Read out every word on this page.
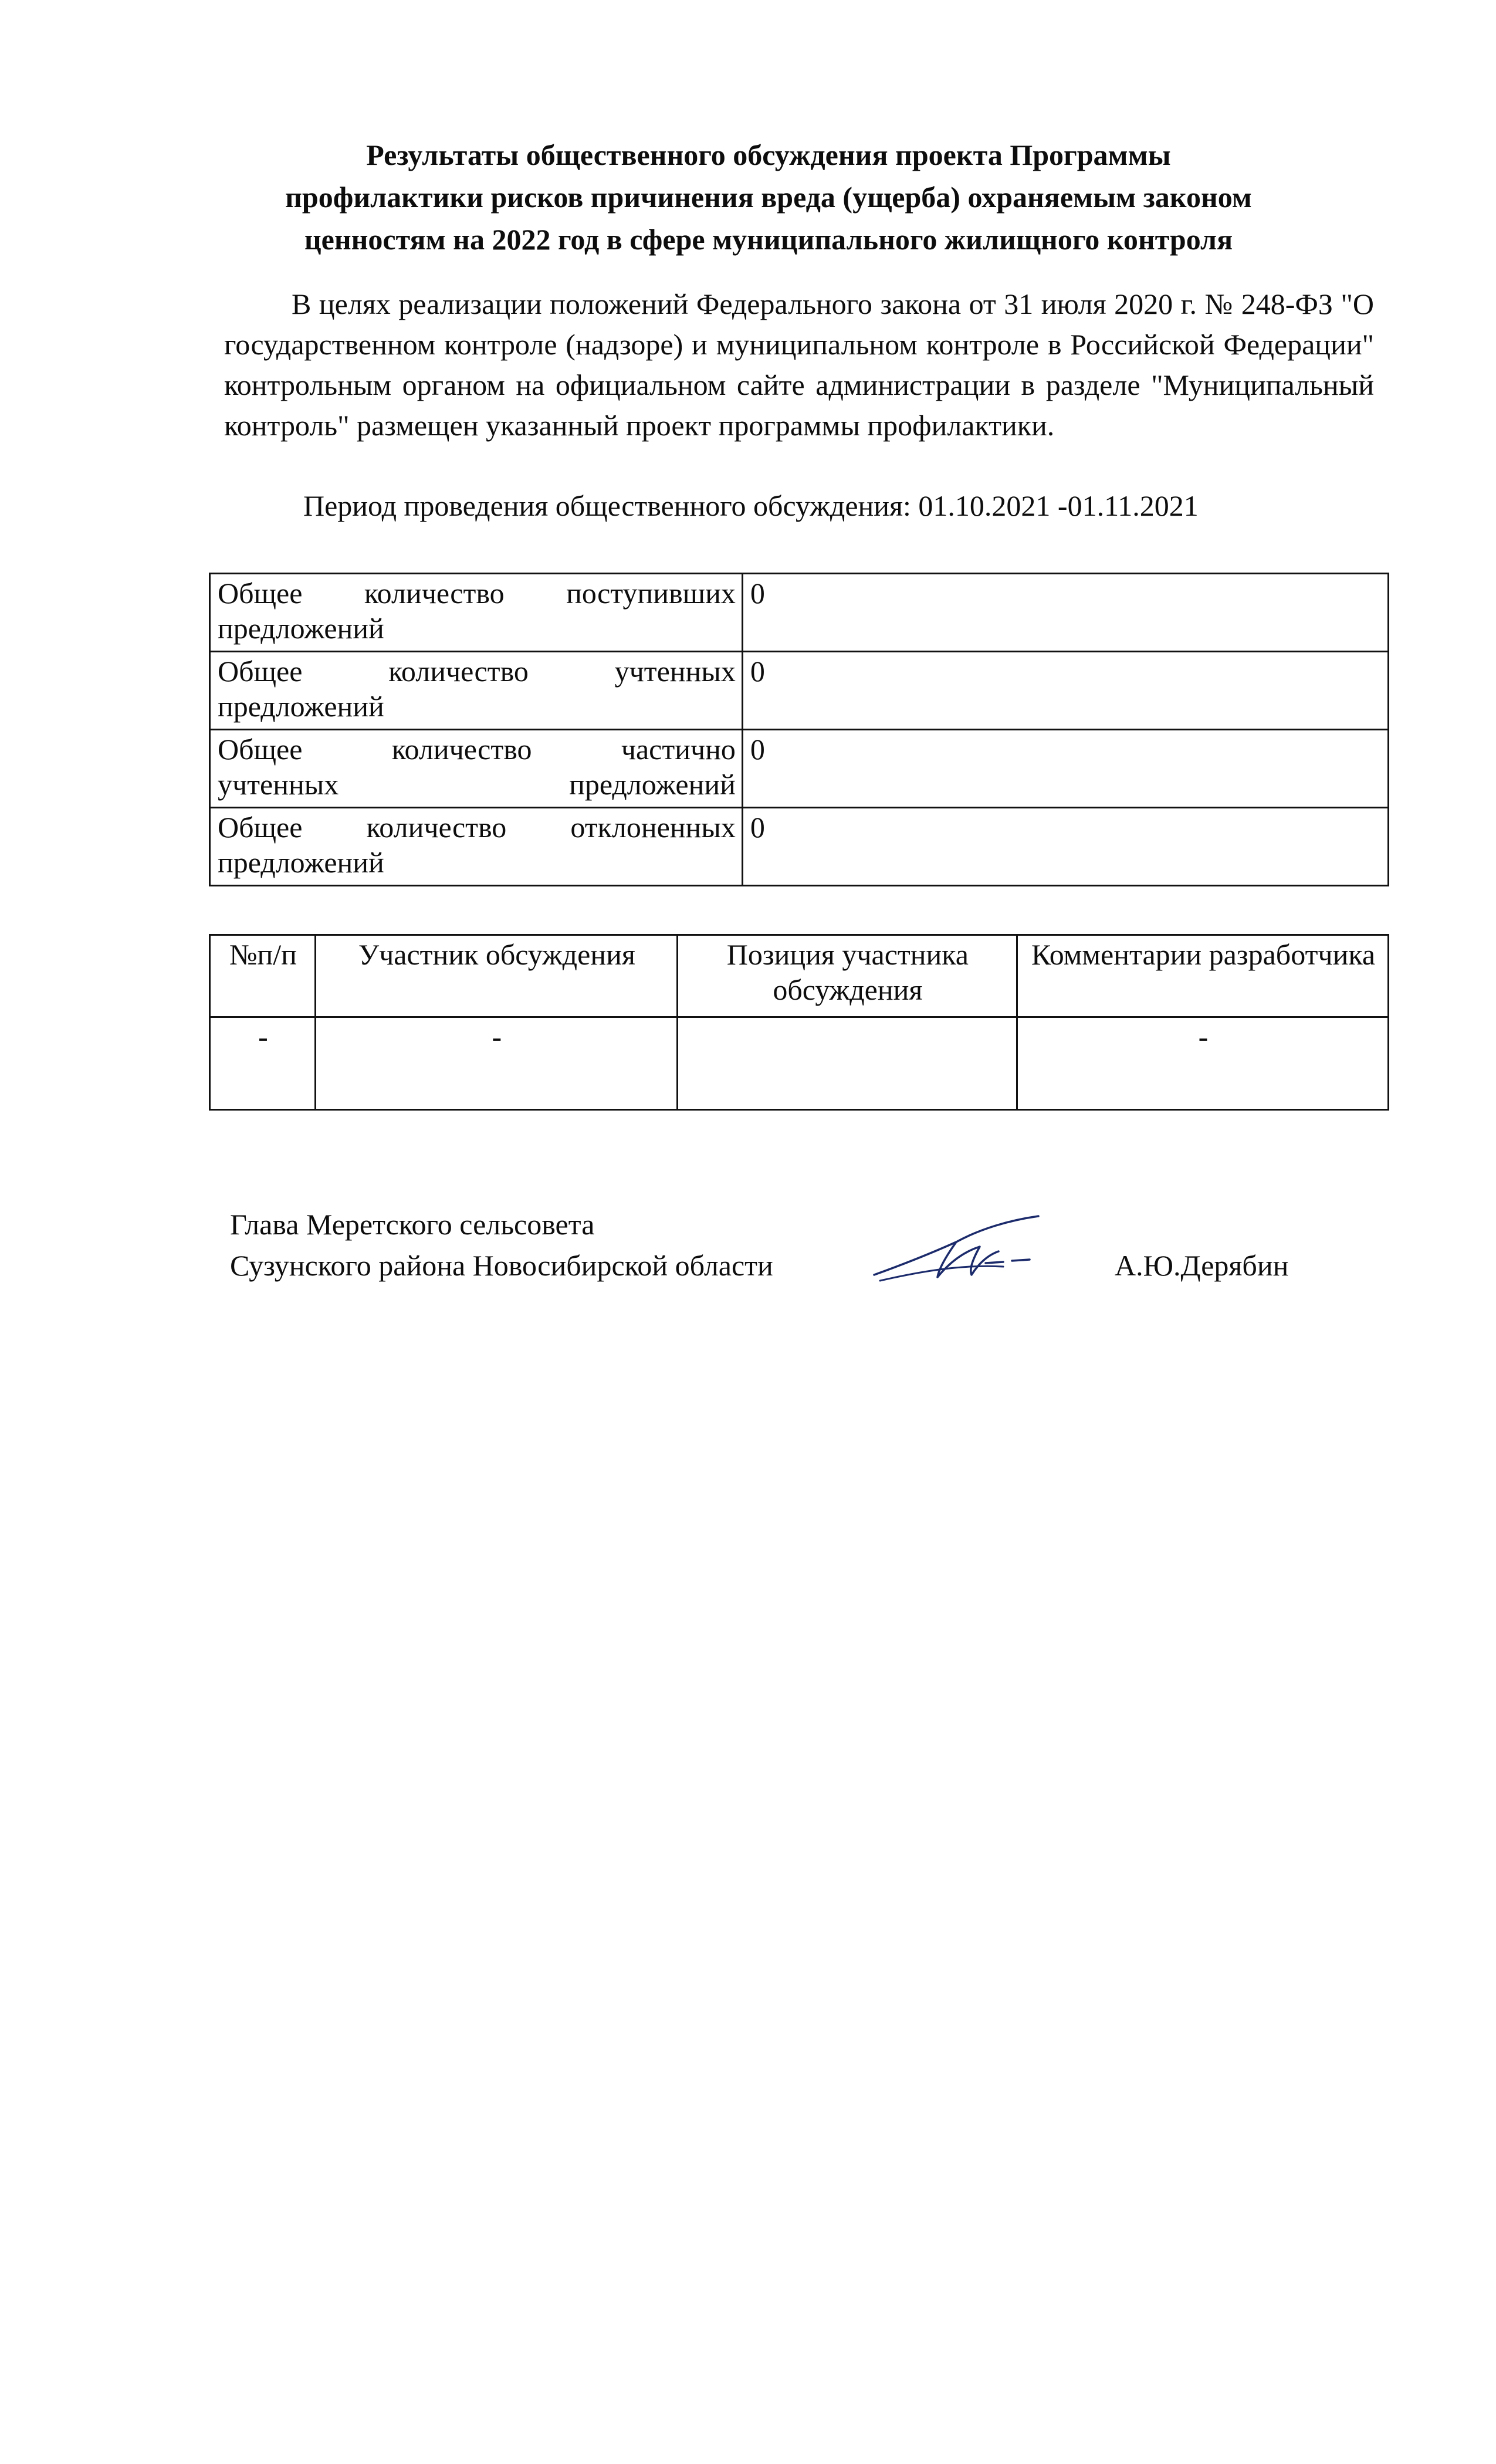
Результаты общественного обсуждения проекта Программы
профилактики рисков причинения вреда (ущерба) охраняемым законом
ценностям на 2022 год в сфере муниципального жилищного контроля
В целях реализации положений Федерального закона от 31 июля 2020 г. № 248-ФЗ "О государственном контроле (надзоре) и муниципальном контроле в Российской Федерации" контрольным органом на официальном сайте администрации в разделе "Муниципальный контроль" размещен указанный проект программы профилактики.
Период проведения общественного обсуждения: 01.10.2021 -01.11.2021
Общее количество поступивших
предложений	0

Общее количество учтенных
предложений	0

Общее количество частично
учтенных предложений	0

Общее количество отклоненных
предложений	0
№п/п	Участник обсуждения	Позиция участника обсуждения	Комментарии разработчика
-	-		-
Глава Меретского сельсовета
Сузунского района Новосибирской области	А.Ю.Дерябин
